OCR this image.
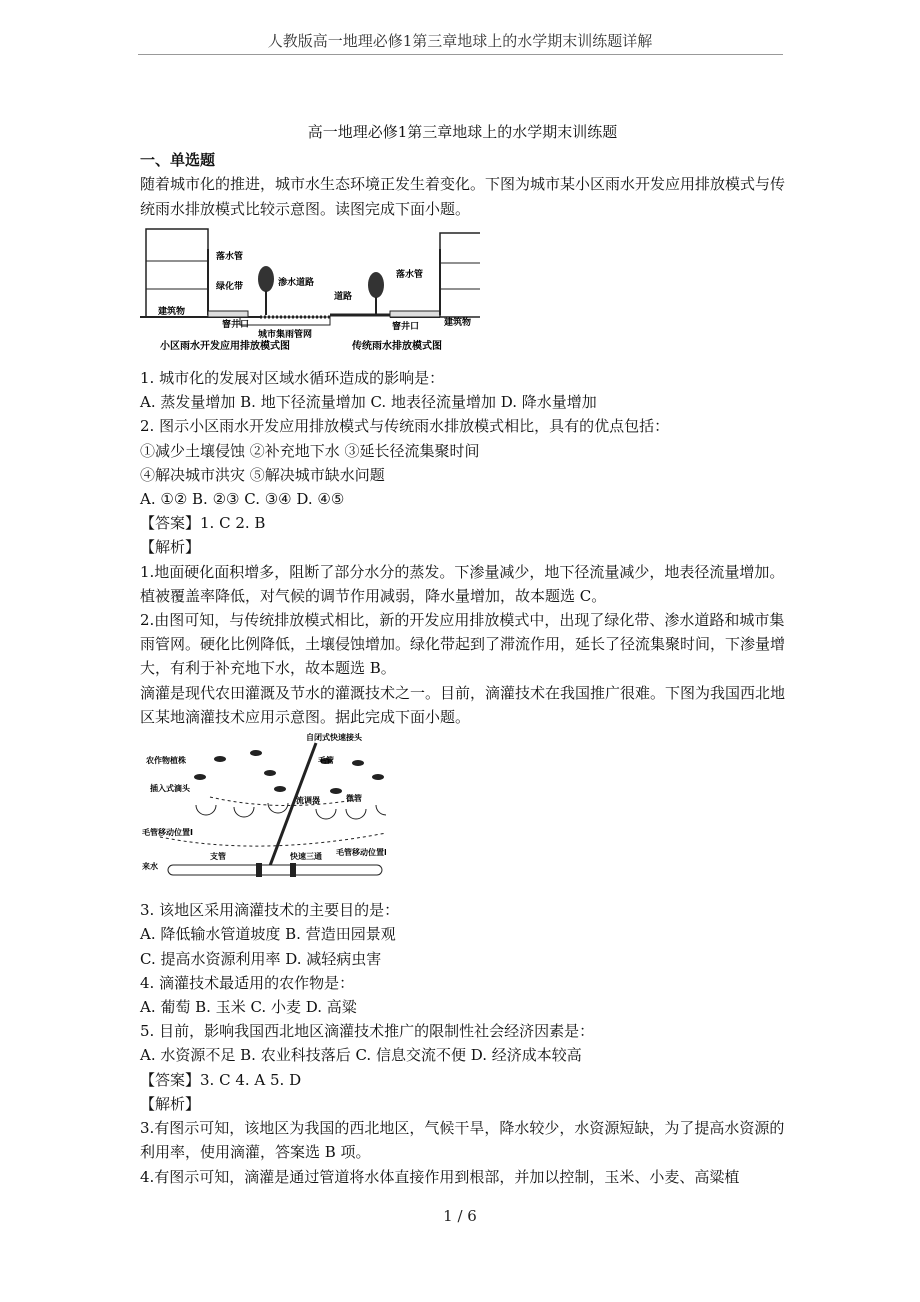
人教版高一地理必修1第三章地球上的水学期末训练题详解

高一地理必修1第三章地球上的水学期末训练题

一、单选题

随着城市化的推进，城市水生态环境正发生着变化。下图为城市某小区雨水开发应用排放模式与传统雨水排放模式比较示意图。读图完成下面小题。

落水管
绿化带	渗水道路
道路
落水管
建筑物
窨井口
城市集雨管网
窨井口	建筑物
小区雨水开发应用排放模式图	传统雨水排放模式图

1. 城市化的发展对区域水循环造成的影响是：

A. 蒸发量增加 B. 地下径流量增加 C. 地表径流量增加 D. 降水量增加

2. 图示小区雨水开发应用排放模式与传统雨水排放模式相比，具有的优点包括：

①减少土壤侵蚀 ②补充地下水 ③延长径流集聚时间

④解决城市洪灾 ⑤解决城市缺水问题

A. ①② B. ②③ C. ③④ D. ④⑤

【答案】1. C 2. B

【解析】

1.地面硬化面积增多，阻断了部分水分的蒸发。下渗量减少，地下径流量减少，地表径流量增加。植被覆盖率降低，对气候的调节作用减弱，降水量增加，故本题选 C。

2.由图可知，与传统排放模式相比，新的开发应用排放模式中，出现了绿化带、渗水道路和城市集雨管网。硬化比例降低，土壤侵蚀增加。绿化带起到了滞流作用，延长了径流集聚时间，下渗量增大，有利于补充地下水，故本题选 B。

滴灌是现代农田灌溉及节水的灌溉技术之一。目前，滴灌技术在我国推广很难。下图为我国西北地区某地滴灌技术应用示意图。据此完成下面小题。

自闭式快速接头
农作物植株	毛管
插入式滴头
流调器	微管
毛管移动位置Ⅰ
支管	快速三通 毛管移动位置Ⅱ
来水

3. 该地区采用滴灌技术的主要目的是：

A. 降低输水管道坡度 B. 营造田园景观

C. 提高水资源利用率 D. 减轻病虫害

4. 滴灌技术最适用的农作物是：

A. 葡萄 B. 玉米 C. 小麦 D. 高粱

5. 目前，影响我国西北地区滴灌技术推广的限制性社会经济因素是：

A. 水资源不足 B. 农业科技落后 C. 信息交流不便 D. 经济成本较高

【答案】3. C 4. A 5. D

【解析】

3.有图示可知，该地区为我国的西北地区，气候干旱，降水较少，水资源短缺，为了提高水资源的利用率，使用滴灌，答案选 B 项。

4.有图示可知，滴灌是通过管道将水体直接作用到根部，并加以控制，玉米、小麦、高粱植

1 / 6
